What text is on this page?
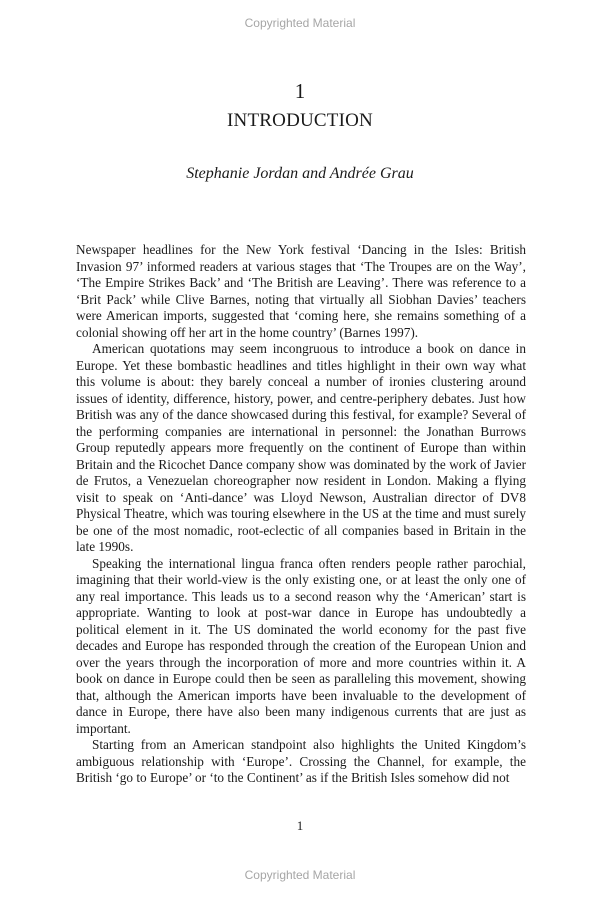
Copyrighted Material
1
INTRODUCTION
Stephanie Jordan and Andrée Grau

Newspaper headlines for the New York festival ‘Dancing in the Isles: British Invasion 97’ informed readers at various stages that ‘The Troupes are on the Way’, ‘The Empire Strikes Back’ and ‘The British are Leaving’. There was reference to a ‘Brit Pack’ while Clive Barnes, noting that virtually all Siobhan Davies’ teachers were American imports, suggested that ‘coming here, she remains something of a colonial showing off her art in the home country’ (Barnes 1997).

American quotations may seem incongruous to introduce a book on dance in Europe. Yet these bombastic headlines and titles highlight in their own way what this volume is about: they barely conceal a number of ironies clustering around issues of identity, difference, history, power, and centre-periphery debates. Just how British was any of the dance showcased during this festival, for example? Several of the performing companies are international in personnel: the Jonathan Burrows Group reputedly appears more frequently on the continent of Europe than within Britain and the Ricochet Dance company show was dominated by the work of Javier de Frutos, a Venezuelan choreographer now resident in London. Making a flying visit to speak on ‘Anti-dance’ was Lloyd Newson, Australian director of DV8 Physical Theatre, which was touring elsewhere in the US at the time and must surely be one of the most nomadic, root-eclectic of all companies based in Britain in the late 1990s.

Speaking the international lingua franca often renders people rather parochial, imagining that their world-view is the only existing one, or at least the only one of any real importance. This leads us to a second reason why the ‘American’ start is appropriate. Wanting to look at post-war dance in Europe has undoubtedly a political element in it. The US dominated the world economy for the past five decades and Europe has responded through the creation of the European Union and over the years through the incorporation of more and more countries within it. A book on dance in Europe could then be seen as paralleling this movement, showing that, although the American imports have been invaluable to the development of dance in Europe, there have also been many indigenous currents that are just as important.

Starting from an American standpoint also highlights the United Kingdom’s ambiguous relationship with ‘Europe’. Crossing the Channel, for example, the British ‘go to Europe’ or ‘to the Continent’ as if the British Isles somehow did not

1
Copyrighted Material
